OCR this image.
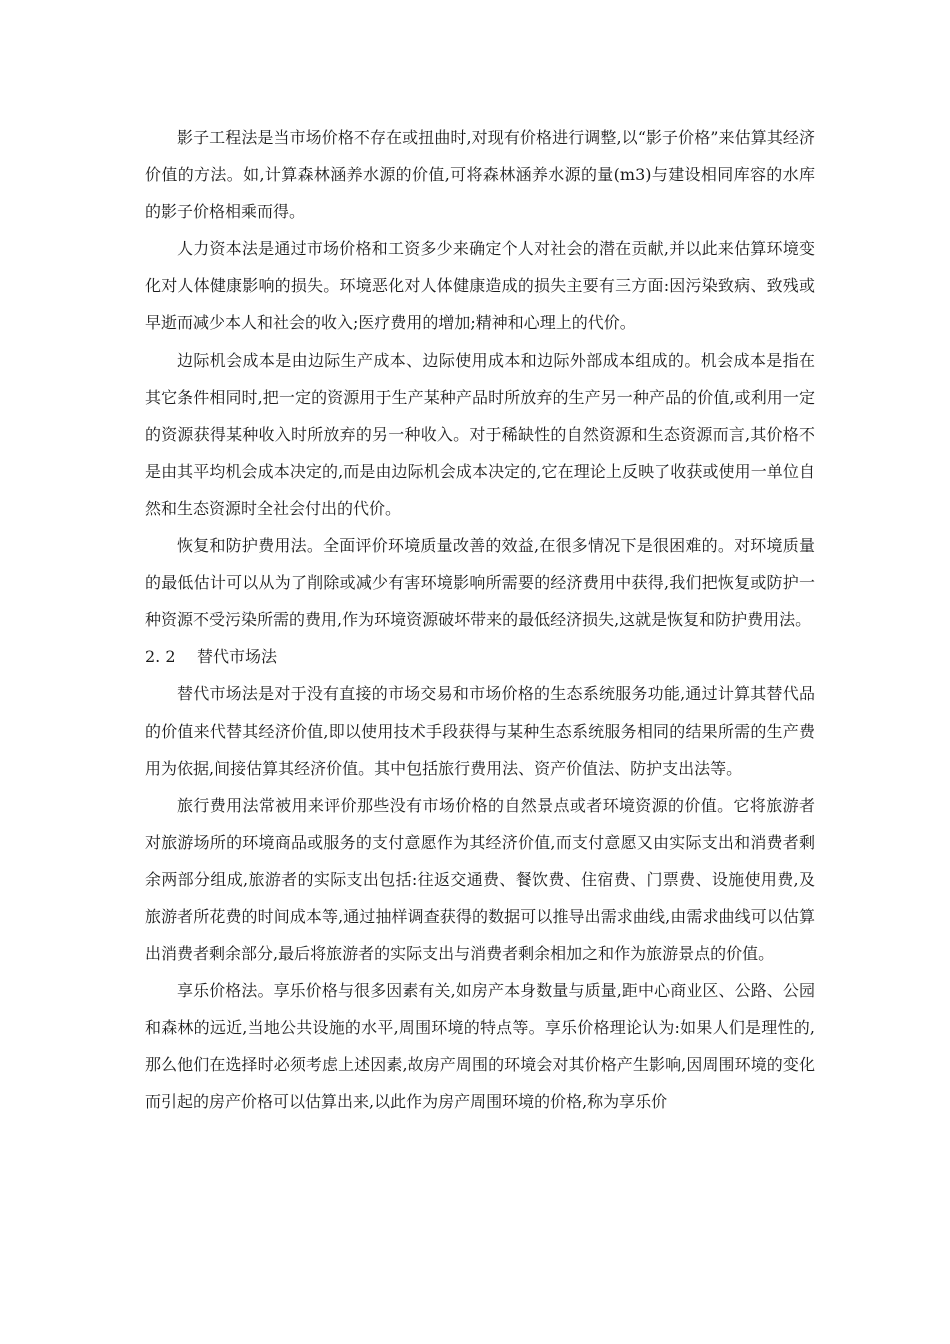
影子工程法是当市场价格不存在或扭曲时,对现有价格进行调整,以“影子价格”来估算其经济价值的方法。如,计算森林涵养水源的价值,可将森林涵养水源的量(m3)与建设相同库容的水库的影子价格相乘而得。

人力资本法是通过市场价格和工资多少来确定个人对社会的潜在贡献,并以此来估算环境变化对人体健康影响的损失。环境恶化对人体健康造成的损失主要有三方面:因污染致病、致残或早逝而减少本人和社会的收入;医疗费用的增加;精神和心理上的代价。

边际机会成本是由边际生产成本、边际使用成本和边际外部成本组成的。机会成本是指在其它条件相同时,把一定的资源用于生产某种产品时所放弃的生产另一种产品的价值,或利用一定的资源获得某种收入时所放弃的另一种收入。对于稀缺性的自然资源和生态资源而言,其价格不是由其平均机会成本决定的,而是由边际机会成本决定的,它在理论上反映了收获或使用一单位自然和生态资源时全社会付出的代价。

恢复和防护费用法。全面评价环境质量改善的效益,在很多情况下是很困难的。对环境质量的最低估计可以从为了削除或减少有害环境影响所需要的经济费用中获得,我们把恢复或防护一种资源不受污染所需的费用,作为环境资源破坏带来的最低经济损失,这就是恢复和防护费用法。

2. 2 替代市场法

替代市场法是对于没有直接的市场交易和市场价格的生态系统服务功能,通过计算其替代品的价值来代替其经济价值,即以使用技术手段获得与某种生态系统服务相同的结果所需的生产费用为依据,间接估算其经济价值。其中包括旅行费用法、资产价值法、防护支出法等。

旅行费用法常被用来评价那些没有市场价格的自然景点或者环境资源的价值。它将旅游者对旅游场所的环境商品或服务的支付意愿作为其经济价值,而支付意愿又由实际支出和消费者剩余两部分组成,旅游者的实际支出包括:往返交通费、餐饮费、住宿费、门票费、设施使用费,及旅游者所花费的时间成本等,通过抽样调查获得的数据可以推导出需求曲线,由需求曲线可以估算出消费者剩余部分,最后将旅游者的实际支出与消费者剩余相加之和作为旅游景点的价值。

享乐价格法。享乐价格与很多因素有关,如房产本身数量与质量,距中心商业区、公路、公园和森林的远近,当地公共设施的水平,周围环境的特点等。享乐价格理论认为:如果人们是理性的,那么他们在选择时必须考虑上述因素,故房产周围的环境会对其价格产生影响,因周围环境的变化而引起的房产价格可以估算出来,以此作为房产周围环境的价格,称为享乐价
